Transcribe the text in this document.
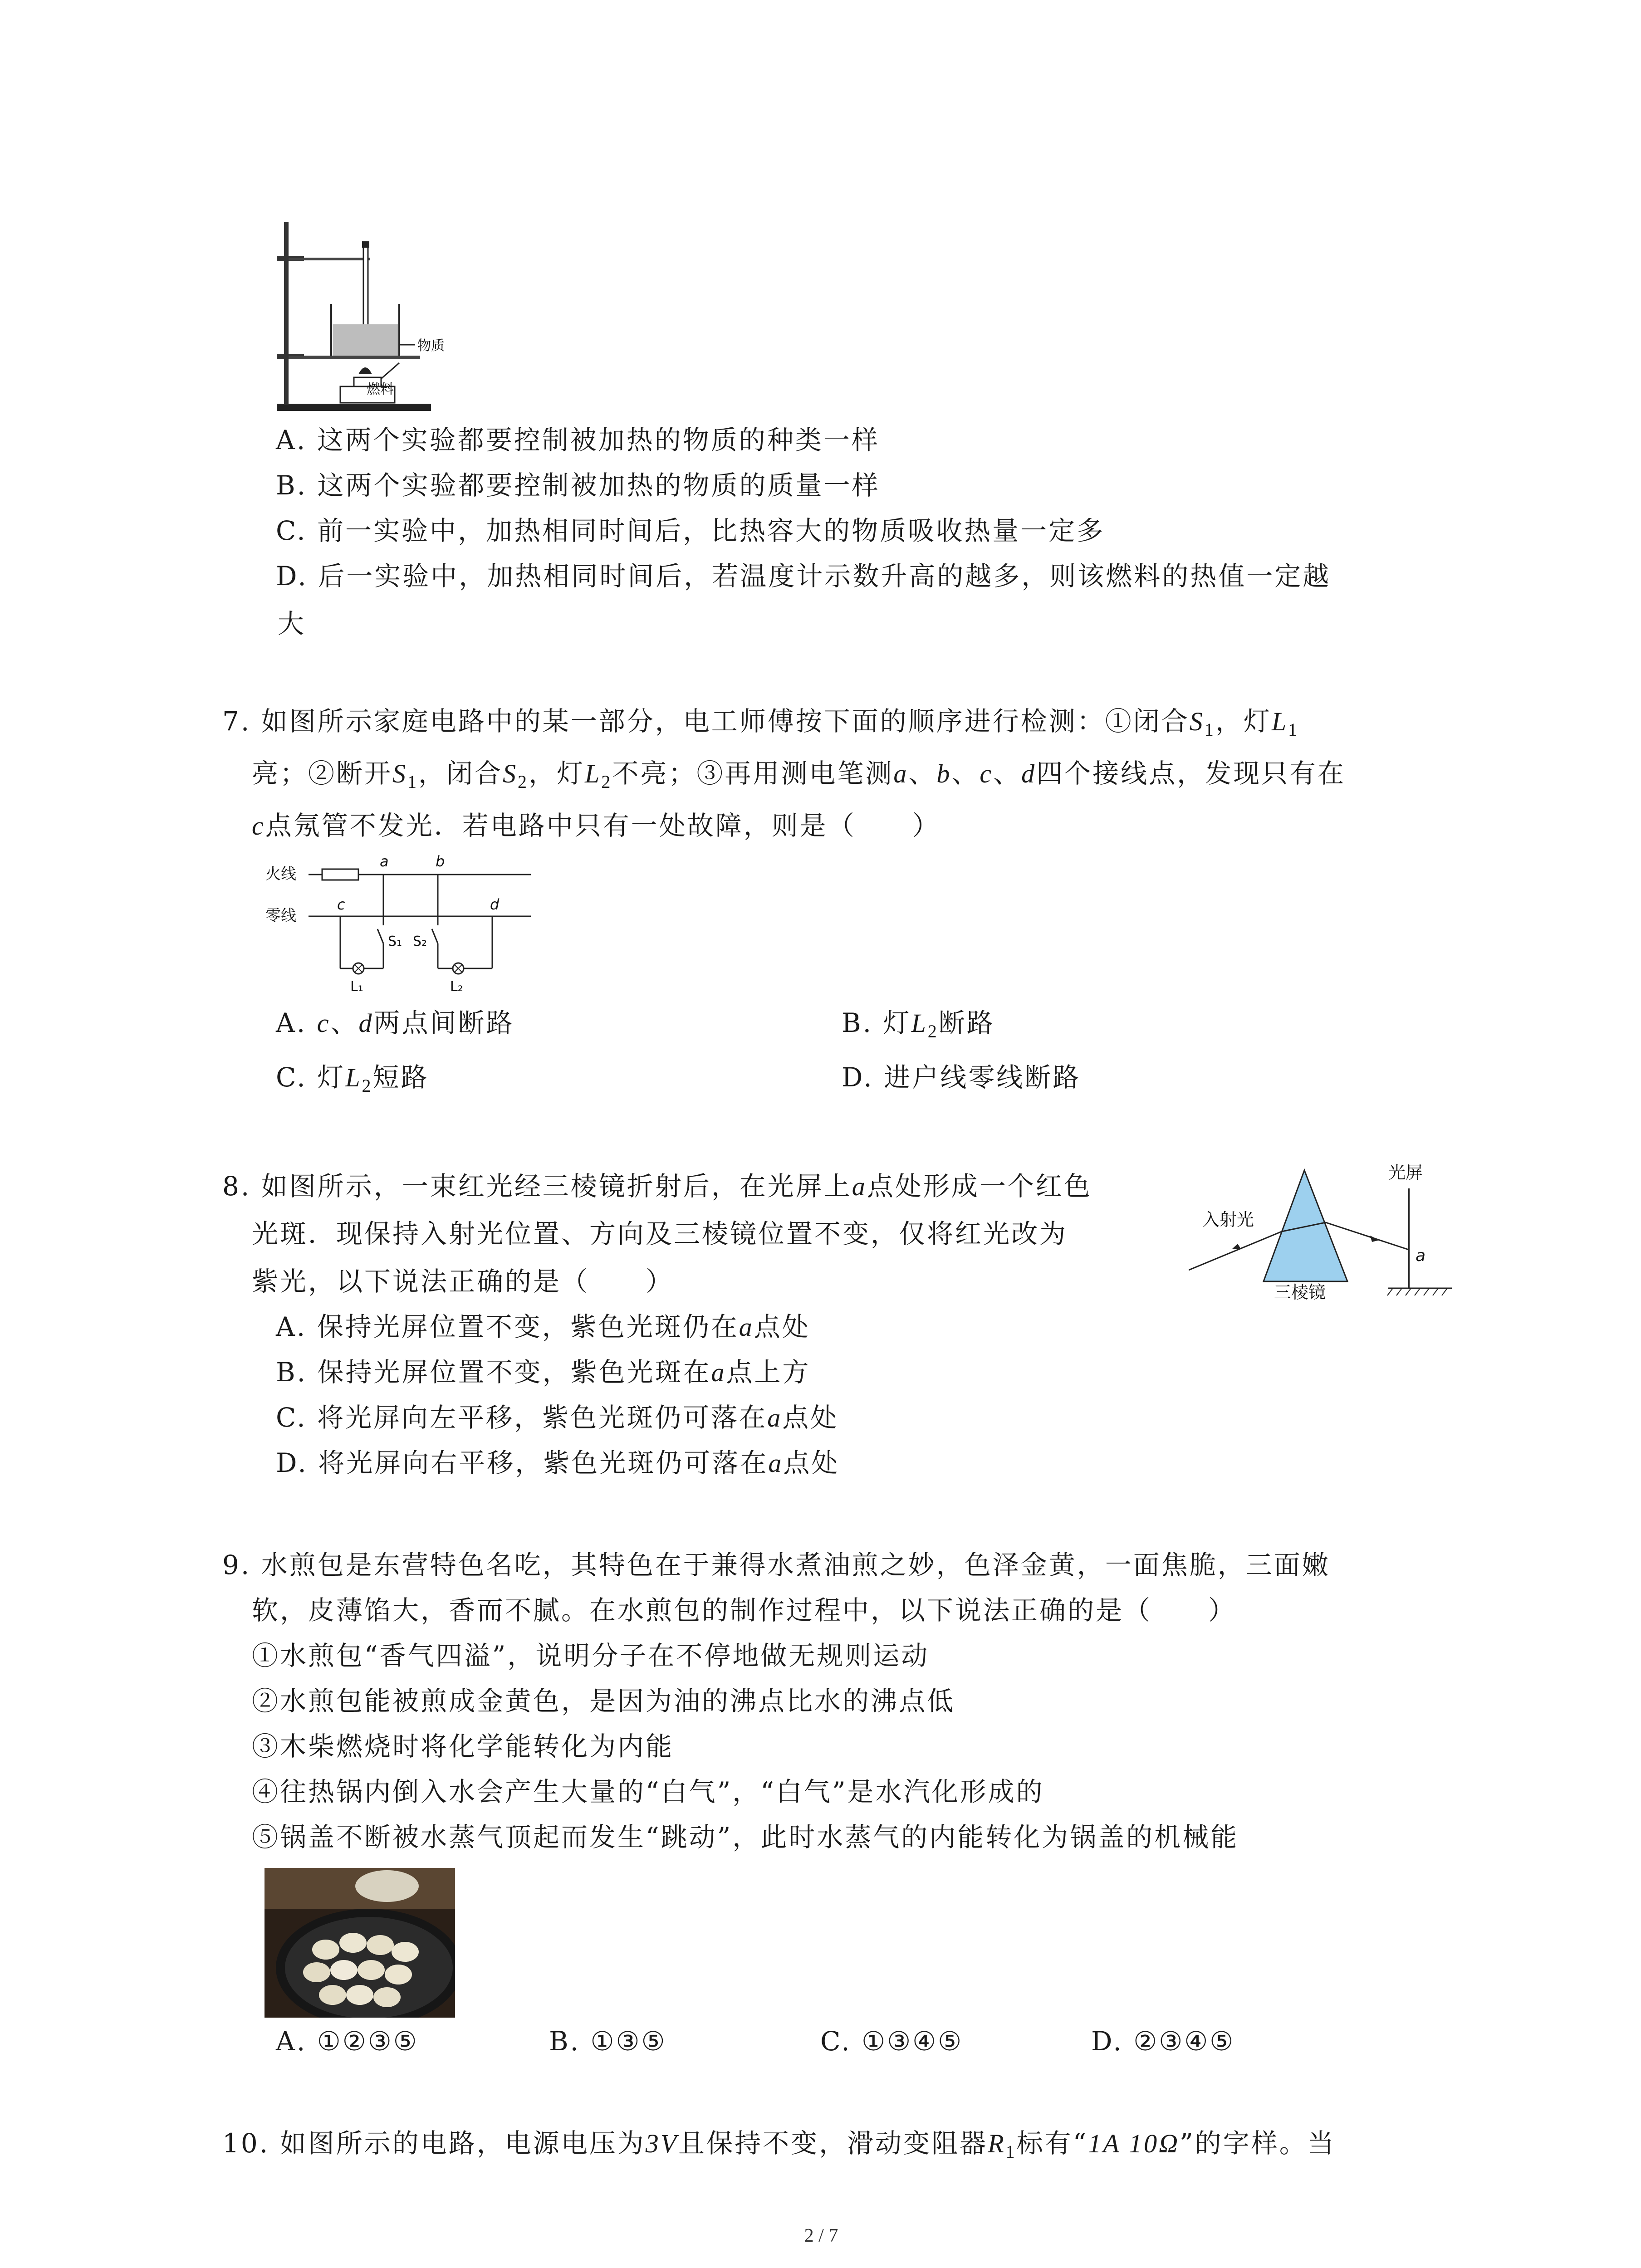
物质
燃料
A. 这两个实验都要控制被加热的物质的种类一样
B. 这两个实验都要控制被加热的物质的质量一样
C. 前一实验中，加热相同时间后，比热容大的物质吸收热量一定多
D. 后一实验中，加热相同时间后，若温度计示数升高的越多，则该燃料的热值一定越
大
7. 如图所示家庭电路中的某一部分，电工师傅按下面的顺序进行检测：①闭合$S_1$，灯$L_1$
亮；②断开$S_1$，闭合$S_2$，灯$L_2$不亮；③再用测电笔测a、b、c、d四个接线点，发现只有在
c点氖管不发光．若电路中只有一处故障，则是（　　）
火线
零线
a	b
c	d
S₁
L₁
S₂
L₂
A. c、d两点间断路	B. 灯$L_2$断路
C. 灯$L_2$短路	D. 进户线零线断路
8. 如图所示，一束红光经三棱镜折射后，在光屏上a点处形成一个红色
光斑．现保持入射光位置、方向及三棱镜位置不变，仅将红光改为
紫光，以下说法正确的是（　　）
入射光
光屏
三棱镜
a
A. 保持光屏位置不变，紫色光斑仍在a点处
B. 保持光屏位置不变，紫色光斑在a点上方
C. 将光屏向左平移，紫色光斑仍可落在a点处
D. 将光屏向右平移，紫色光斑仍可落在a点处
9. 水煎包是东营特色名吃，其特色在于兼得水煮油煎之妙，色泽金黄，一面焦脆，三面嫩
软，皮薄馅大，香而不腻。在水煎包的制作过程中，以下说法正确的是（　　）
①水煎包“香气四溢”，说明分子在不停地做无规则运动
②水煎包能被煎成金黄色，是因为油的沸点比水的沸点低
③木柴燃烧时将化学能转化为内能
④往热锅内倒入水会产生大量的“白气”，“白气”是水汽化形成的
⑤锅盖不断被水蒸气顶起而发生“跳动”，此时水蒸气的内能转化为锅盖的机械能
A. ①②③⑤	B. ①③⑤	C. ①③④⑤	D. ②③④⑤
10. 如图所示的电路，电源电压为3V且保持不变，滑动变阻器$R_1$标有“1A 10Ω”的字样。当
2 / 7
